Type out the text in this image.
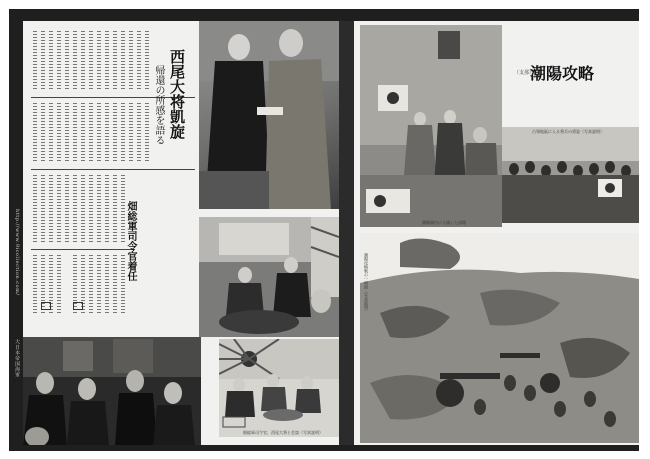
http://www.9icollection.com/
大日本帝国海軍
西尾大将凱旋
帰還の所感を語る
畑総軍司令官着任
畑総軍司令官、西尾大将と会談（写真説明）
潮陽城内に入城した部隊
潮陽攻略
（支那）
占領地區に入る将兵の勇姿（写真説明）
潮陽攻略戦の一場面（写真説明）
